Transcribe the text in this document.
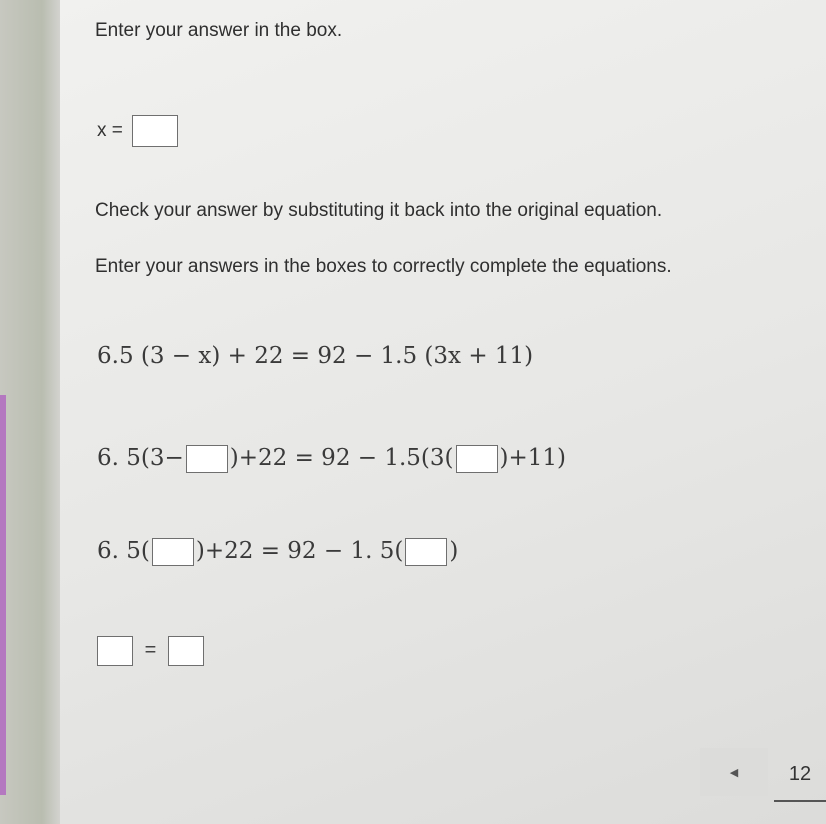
Enter your answer in the box.
x =
Check your answer by substituting it back into the original equation.
Enter your answers in the boxes to correctly complete the equations.
6.5 (3 − x) + 22 = 92 − 1.5 (3x + 11)
6. 5(3− )+22 = 92 − 1.5(3( )+11)
6. 5( )+22 = 92 − 1. 5( )
=
◀	12
